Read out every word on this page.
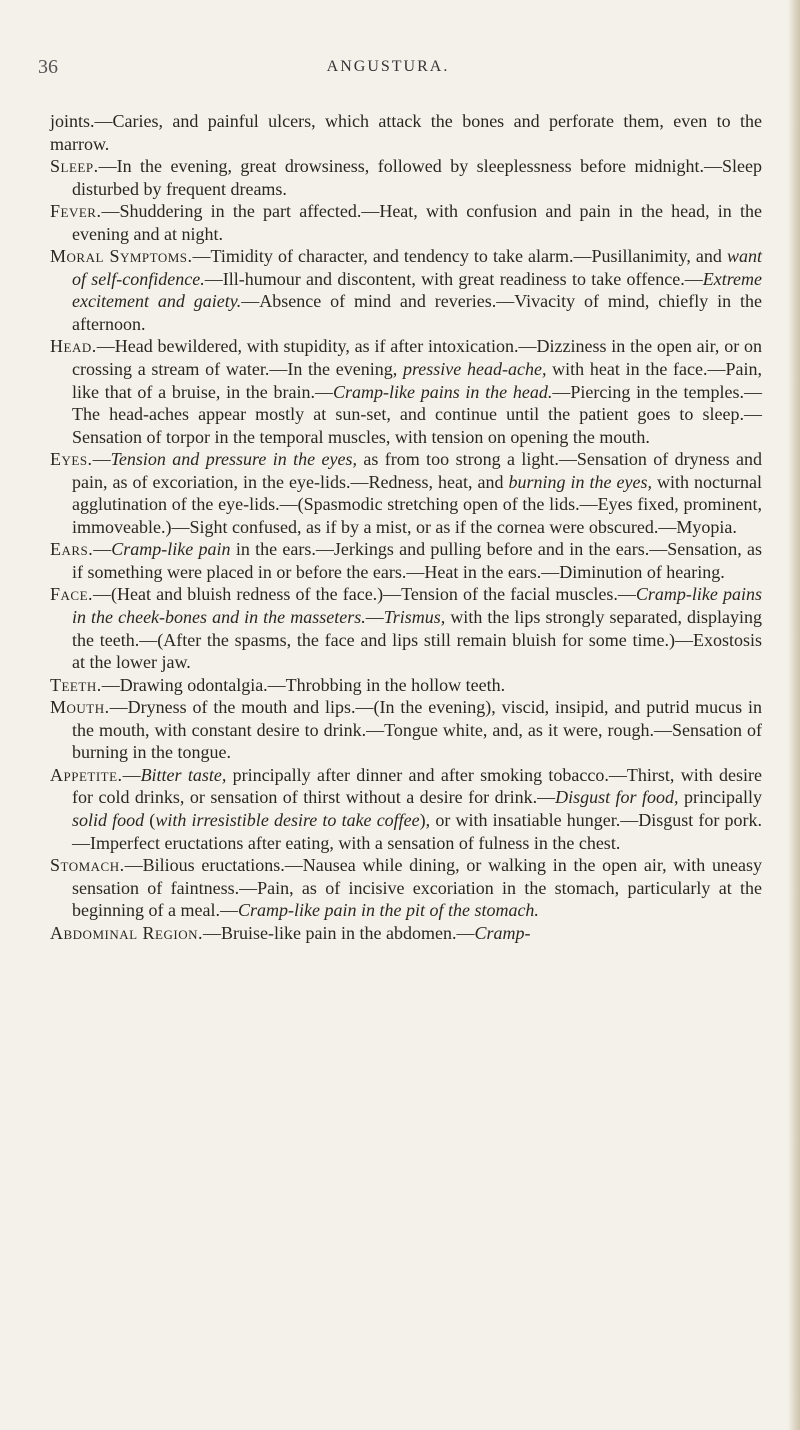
36	ANGUSTURA.

joints.—Caries, and painful ulcers, which attack the bones and perforate them, even to the marrow.

Sleep.—In the evening, great drowsiness, followed by sleeplessness before midnight.—Sleep disturbed by frequent dreams.

Fever.—Shuddering in the part affected.—Heat, with confusion and pain in the head, in the evening and at night.

Moral Symptoms.—Timidity of character, and tendency to take alarm.—Pusillanimity, and want of self-confidence.—Ill-humour and discontent, with great readiness to take offence.—Extreme excitement and gaiety.—Absence of mind and reveries.—Vivacity of mind, chiefly in the afternoon.

Head.—Head bewildered, with stupidity, as if after intoxication.—Dizziness in the open air, or on crossing a stream of water.—In the evening, pressive head-ache, with heat in the face.—Pain, like that of a bruise, in the brain.—Cramp-like pains in the head.—Piercing in the temples.—The head-aches appear mostly at sun-set, and continue until the patient goes to sleep.—Sensation of torpor in the temporal muscles, with tension on opening the mouth.

Eyes.—Tension and pressure in the eyes, as from too strong a light.—Sensation of dryness and pain, as of excoriation, in the eye-lids.—Redness, heat, and burning in the eyes, with nocturnal agglutination of the eye-lids.—(Spasmodic stretching open of the lids.—Eyes fixed, prominent, immoveable.)—Sight confused, as if by a mist, or as if the cornea were obscured.—Myopia.

Ears.—Cramp-like pain in the ears.—Jerkings and pulling before and in the ears.—Sensation, as if something were placed in or before the ears.—Heat in the ears.—Diminution of hearing.

Face.—(Heat and bluish redness of the face.)—Tension of the facial muscles.—Cramp-like pains in the cheek-bones and in the masseters.—Trismus, with the lips strongly separated, displaying the teeth.—(After the spasms, the face and lips still remain bluish for some time.)—Exostosis at the lower jaw.

Teeth.—Drawing odontalgia.—Throbbing in the hollow teeth.

Mouth.—Dryness of the mouth and lips.—(In the evening), viscid, insipid, and putrid mucus in the mouth, with constant desire to drink.—Tongue white, and, as it were, rough.—Sensation of burning in the tongue.

Appetite.—Bitter taste, principally after dinner and after smoking tobacco.—Thirst, with desire for cold drinks, or sensation of thirst without a desire for drink.—Disgust for food, principally solid food (with irresistible desire to take coffee), or with insatiable hunger.—Disgust for pork.—Imperfect eructations after eating, with a sensation of fulness in the chest.

Stomach.—Bilious eructations.—Nausea while dining, or walking in the open air, with uneasy sensation of faintness.—Pain, as of incisive excoriation in the stomach, particularly at the beginning of a meal.—Cramp-like pain in the pit of the stomach.

Abdominal Region.—Bruise-like pain in the abdomen.—Cramp-
